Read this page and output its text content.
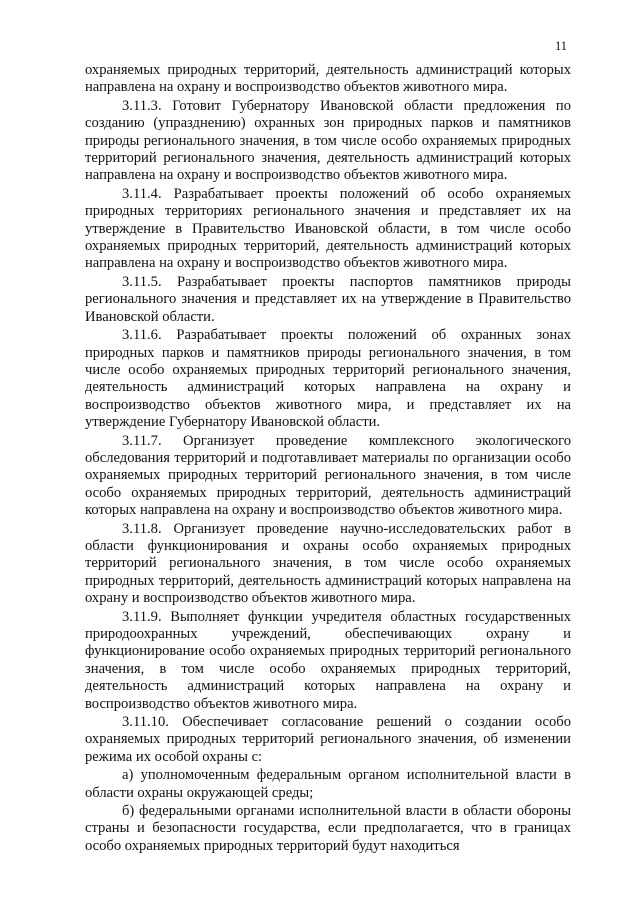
11

охраняемых природных территорий, деятельность администраций которых направлена на охрану и воспроизводство объектов животного мира.

3.11.3. Готовит Губернатору Ивановской области предложения по созданию (упразднению) охранных зон природных парков и памятников природы регионального значения, в том числе особо охраняемых природных территорий регионального значения, деятельность администраций которых направлена на охрану и воспроизводство объектов животного мира.

3.11.4. Разрабатывает проекты положений об особо охраняемых природных территориях регионального значения и представляет их на утверждение в Правительство Ивановской области, в том числе особо охраняемых природных территорий, деятельность администраций которых направлена на охрану и воспроизводство объектов животного мира.

3.11.5. Разрабатывает проекты паспортов памятников природы регионального значения и представляет их на утверждение в Правительство Ивановской области.

3.11.6. Разрабатывает проекты положений об охранных зонах природных парков и памятников природы регионального значения, в том числе особо охраняемых природных территорий регионального значения, деятельность администраций которых направлена на охрану и воспроизводство объектов животного мира, и представляет их на утверждение Губернатору Ивановской области.

3.11.7. Организует проведение комплексного экологического обследования территорий и подготавливает материалы по организации особо охраняемых природных территорий регионального значения, в том числе особо охраняемых природных территорий, деятельность администраций которых направлена на охрану и воспроизводство объектов животного мира.

3.11.8. Организует проведение научно-исследовательских работ в области функционирования и охраны особо охраняемых природных территорий регионального значения, в том числе особо охраняемых природных территорий, деятельность администраций которых направлена на охрану и воспроизводство объектов животного мира.

3.11.9. Выполняет функции учредителя областных государственных природоохранных учреждений, обеспечивающих охрану и функционирование особо охраняемых природных территорий регионального значения, в том числе особо охраняемых природных территорий, деятельность администраций которых направлена на охрану и воспроизводство объектов животного мира.

3.11.10. Обеспечивает согласование решений о создании особо охраняемых природных территорий регионального значения, об изменении режима их особой охраны с:

а) уполномоченным федеральным органом исполнительной власти в области охраны окружающей среды;

б) федеральными органами исполнительной власти в области обороны страны и безопасности государства, если предполагается, что в границах особо охраняемых природных территорий будут находиться
